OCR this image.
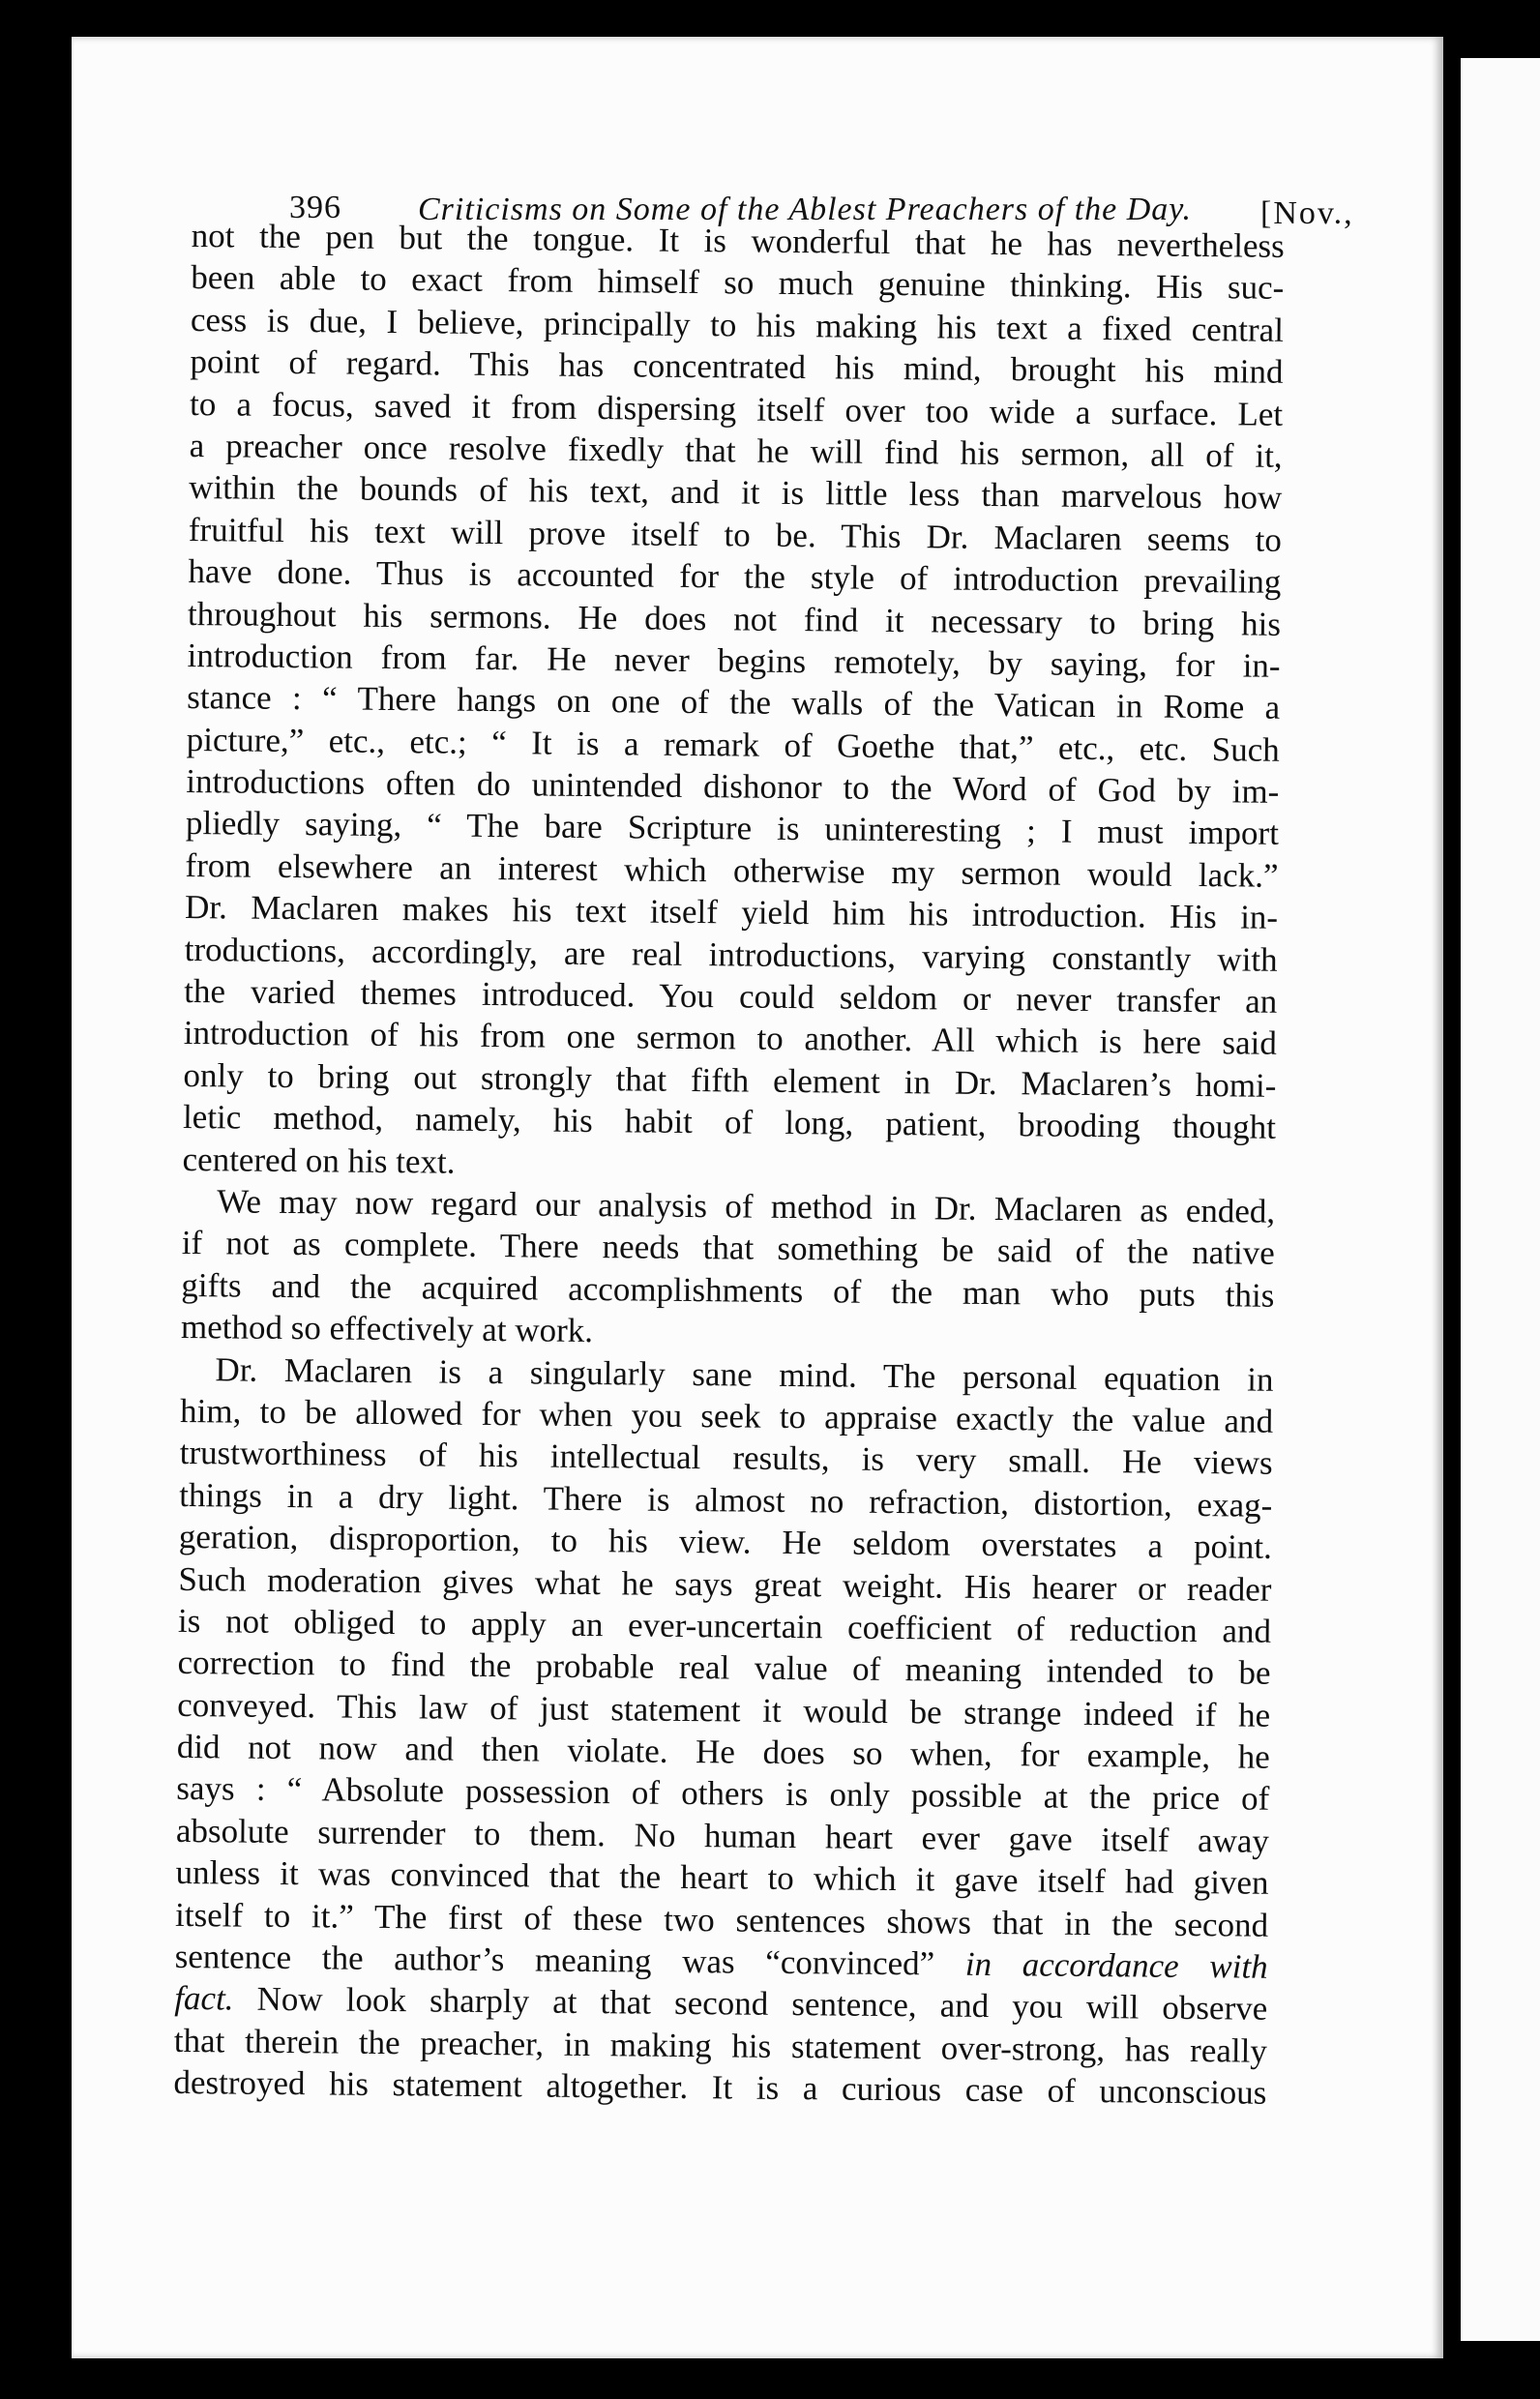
396 Criticisms on Some of the Ablest Preachers of the Day. [Nov.,
not the pen but the tongue. It is wonderful that he has nevertheless
been able to exact from himself so much genuine thinking. His suc-
cess is due, I believe, principally to his making his text a fixed central
point of regard. This has concentrated his mind, brought his mind
to a focus, saved it from dispersing itself over too wide a surface. Let
a preacher once resolve fixedly that he will find his sermon, all of it,
within the bounds of his text, and it is little less than marvelous how
fruitful his text will prove itself to be. This Dr. Maclaren seems to
have done. Thus is accounted for the style of introduction prevailing
throughout his sermons. He does not find it necessary to bring his
introduction from far. He never begins remotely, by saying, for in-
stance : “ There hangs on one of the walls of the Vatican in Rome a
picture,” etc., etc.; “ It is a remark of Goethe that,” etc., etc. Such
introductions often do unintended dishonor to the Word of God by im-
pliedly saying, “ The bare Scripture is uninteresting ; I must import
from elsewhere an interest which otherwise my sermon would lack.”
Dr. Maclaren makes his text itself yield him his introduction. His in-
troductions, accordingly, are real introductions, varying constantly with
the varied themes introduced. You could seldom or never transfer an
introduction of his from one sermon to another. All which is here said
only to bring out strongly that fifth element in Dr. Maclaren’s homi-
letic method, namely, his habit of long, patient, brooding thought
centered on his text.
We may now regard our analysis of method in Dr. Maclaren as ended,
if not as complete. There needs that something be said of the native
gifts and the acquired accomplishments of the man who puts this
method so effectively at work.
Dr. Maclaren is a singularly sane mind. The personal equation in
him, to be allowed for when you seek to appraise exactly the value and
trustworthiness of his intellectual results, is very small. He views
things in a dry light. There is almost no refraction, distortion, exag-
geration, disproportion, to his view. He seldom overstates a point.
Such moderation gives what he says great weight. His hearer or reader
is not obliged to apply an ever-uncertain coefficient of reduction and
correction to find the probable real value of meaning intended to be
conveyed. This law of just statement it would be strange indeed if he
did not now and then violate. He does so when, for example, he
says : “ Absolute possession of others is only possible at the price of
absolute surrender to them. No human heart ever gave itself away
unless it was convinced that the heart to which it gave itself had given
itself to it.” The first of these two sentences shows that in the second
sentence the author’s meaning was “convinced” in accordance with
fact. Now look sharply at that second sentence, and you will observe
that therein the preacher, in making his statement over-strong, has really
destroyed his statement altogether. It is a curious case of unconscious
